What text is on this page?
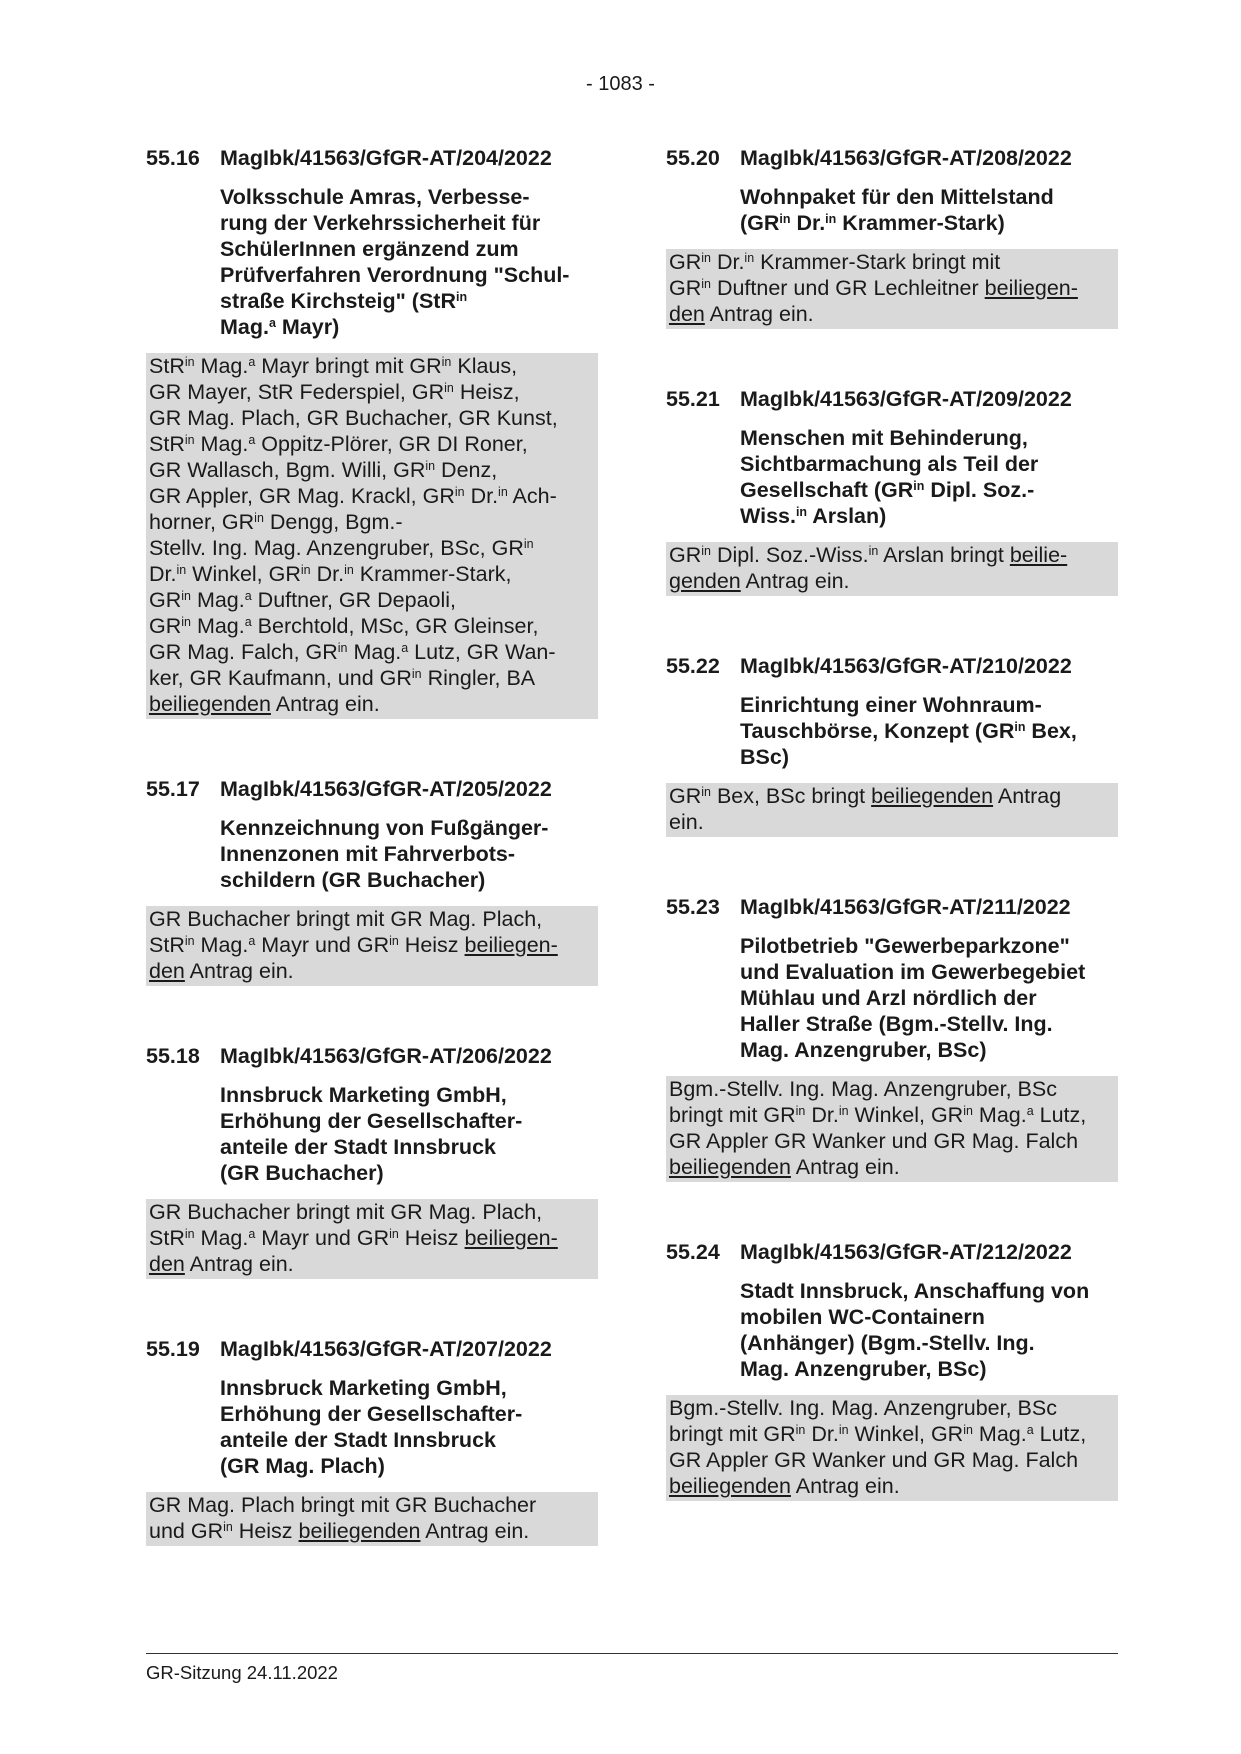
- 1083 -
55.16 MagIbk/41563/GfGR-AT/204/2022
Volksschule Amras, Verbesse-
rung der Verkehrssicherheit für
SchülerInnen ergänzend zum
Prüfverfahren Verordnung "Schul-
straße Kirchsteig" (StR$^{in}$
Mag.$^a$ Mayr)
StR$^{in}$ Mag.$^a$ Mayr bringt mit $GR^{in}$ Klaus,
GR Mayer, StR Federspiel, $GR^{in}$ Heisz,
GR Mag. Plach, GR Buchacher, GR Kunst,
StR$^{in}$ Mag.$^a$ Oppitz-Plörer, GR DI Roner,
GR Wallasch, Bgm. Willi, $GR^{in}$ Denz,
GR Appler, GR Mag. Krackl, $GR^{in}$ Dr.$^{in}$ Ach-
horner, $GR^{in}$ Dengg, Bgm.-
Stellv. Ing. Mag. Anzengruber, BSc, $GR^{in}$
Dr.$^{in}$ Winkel, $GR^{in}$ Dr.$^{in}$ Krammer-Stark,
$GR^{in}$ Mag.$^a$ Duftner, GR Depaoli,
$GR^{in}$ Mag.$^a$ Berchtold, MSc, GR Gleinser,
GR Mag. Falch, $GR^{in}$ Mag.$^a$ Lutz, GR Wan-
ker, GR Kaufmann, und $GR^{in}$ Ringler, BA
beiliegenden Antrag ein.
55.17 MagIbk/41563/GfGR-AT/205/2022
Kennzeichnung von Fußgänger-
Innenzonen mit Fahrverbots-
schildern (GR Buchacher)
GR Buchacher bringt mit GR Mag. Plach,
StR$^{in}$ Mag.$^a$ Mayr und $GR^{in}$ Heisz beiliegen-
den Antrag ein.
55.18 MagIbk/41563/GfGR-AT/206/2022
Innsbruck Marketing GmbH,
Erhöhung der Gesellschafter-
anteile der Stadt Innsbruck
(GR Buchacher)
GR Buchacher bringt mit GR Mag. Plach,
StR$^{in}$ Mag.$^a$ Mayr und $GR^{in}$ Heisz beiliegen-
den Antrag ein.
55.19 MagIbk/41563/GfGR-AT/207/2022
Innsbruck Marketing GmbH,
Erhöhung der Gesellschafter-
anteile der Stadt Innsbruck
(GR Mag. Plach)
GR Mag. Plach bringt mit GR Buchacher
und $GR^{in}$ Heisz beiliegenden Antrag ein.
55.20 MagIbk/41563/GfGR-AT/208/2022
Wohnpaket für den Mittelstand
($GR^{in}$ Dr.$^{in}$ Krammer-Stark)
$GR^{in}$ Dr.$^{in}$ Krammer-Stark bringt mit
$GR^{in}$ Duftner und GR Lechleitner beiliegen-
den Antrag ein.
55.21 MagIbk/41563/GfGR-AT/209/2022
Menschen mit Behinderung,
Sichtbarmachung als Teil der
Gesellschaft ($GR^{in}$ Dipl. Soz.-
Wiss.$^{in}$ Arslan)
$GR^{in}$ Dipl. Soz.-Wiss.$^{in}$ Arslan bringt beilie-
genden Antrag ein.
55.22 MagIbk/41563/GfGR-AT/210/2022
Einrichtung einer Wohnraum-
Tauschbörse, Konzept ($GR^{in}$ Bex,
BSc)
$GR^{in}$ Bex, BSc bringt beiliegenden Antrag
ein.
55.23 MagIbk/41563/GfGR-AT/211/2022
Pilotbetrieb "Gewerbeparkzone"
und Evaluation im Gewerbegebiet
Mühlau und Arzl nördlich der
Haller Straße (Bgm.-Stellv. Ing.
Mag. Anzengruber, BSc)
Bgm.-Stellv. Ing. Mag. Anzengruber, BSc
bringt mit $GR^{in}$ Dr.$^{in}$ Winkel, $GR^{in}$ Mag.$^a$ Lutz,
GR Appler GR Wanker und GR Mag. Falch
beiliegenden Antrag ein.
55.24 MagIbk/41563/GfGR-AT/212/2022
Stadt Innsbruck, Anschaffung von
mobilen WC-Containern
(Anhänger) (Bgm.-Stellv. Ing.
Mag. Anzengruber, BSc)
Bgm.-Stellv. Ing. Mag. Anzengruber, BSc
bringt mit $GR^{in}$ Dr.$^{in}$ Winkel, $GR^{in}$ Mag.$^a$ Lutz,
GR Appler GR Wanker und GR Mag. Falch
beiliegenden Antrag ein.
GR-Sitzung 24.11.2022
